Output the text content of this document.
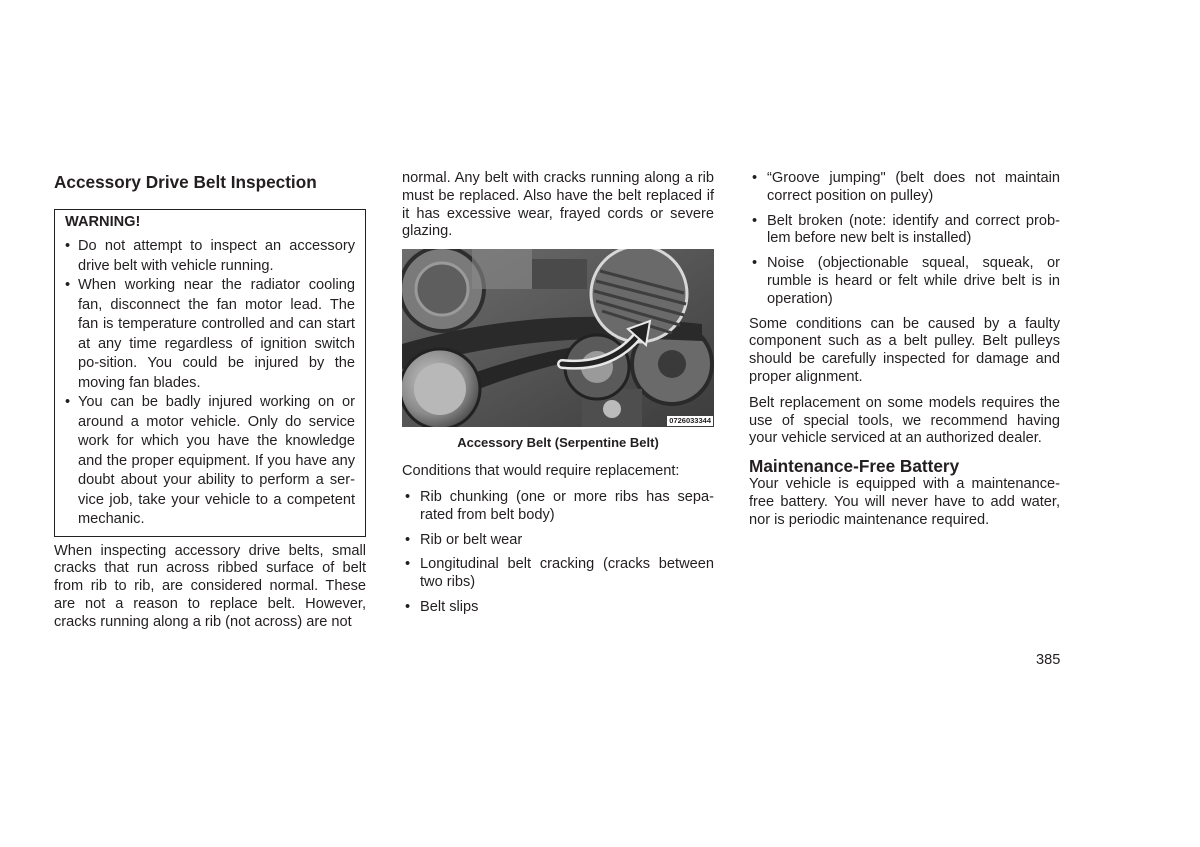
Accessory Drive Belt Inspection
WARNING!
• Do not attempt to inspect an accessory drive belt with vehicle running.
• When working near the radiator cooling fan, disconnect the fan motor lead. The fan is temperature controlled and can start at any time regardless of ignition switch po-sition. You could be injured by the moving fan blades.
• You can be badly injured working on or around a motor vehicle. Only do service work for which you have the knowledge and the proper equipment. If you have any doubt about your ability to perform a ser-vice job, take your vehicle to a competent mechanic.

When inspecting accessory drive belts, small cracks that run across ribbed surface of belt from rib to rib, are considered normal. These are not a reason to replace belt. However, cracks running along a rib (not across) are not

normal. Any belt with cracks running along a rib must be replaced. Also have the belt replaced if it has excessive wear, frayed cords or severe glazing.

0726033344
Accessory Belt (Serpentine Belt)

Conditions that would require replacement:

• Rib chunking (one or more ribs has sepa-rated from belt body)
• Rib or belt wear
• Longitudinal belt cracking (cracks between two ribs)
• Belt slips
• “Groove jumping" (belt does not maintain correct position on pulley)
• Belt broken (note: identify and correct prob-lem before new belt is installed)
• Noise (objectionable squeal, squeak, or rumble is heard or felt while drive belt is in operation)

Some conditions can be caused by a faulty component such as a belt pulley. Belt pulleys should be carefully inspected for damage and proper alignment.

Belt replacement on some models requires the use of special tools, we recommend having your vehicle serviced at an authorized dealer.

Maintenance-Free Battery

Your vehicle is equipped with a maintenance-free battery. You will never have to add water, nor is periodic maintenance required.

385
